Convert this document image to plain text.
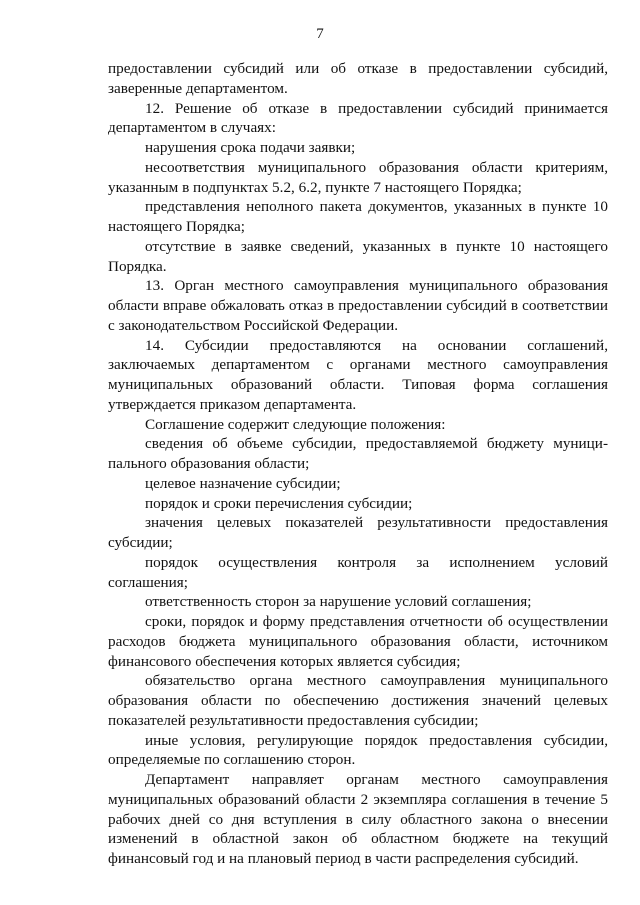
7

предоставлении субсидий или об отказе в предоставлении субсидий, заверенные департаментом.

12. Решение об отказе в предоставлении субсидий принимается департаментом в случаях:

нарушения срока подачи заявки;

несоответствия муниципального образования области критериям, указанным в подпунктах 5.2, 6.2, пункте 7 настоящего Порядка;

представления неполного пакета документов, указанных в пункте 10 настоящего Порядка;

отсутствие в заявке сведений, указанных в пункте 10 настоящего Порядка.

13. Орган местного самоуправления муниципального образования области вправе обжаловать отказ в предоставлении субсидий в соответствии с законодательством Российской Федерации.

14. Субсидии предоставляются на основании соглашений, заключаемых департаментом с органами местного самоуправления муниципальных образований области. Типовая форма соглашения утверждается приказом департамента.

Соглашение содержит следующие положения:

сведения об объеме субсидии, предоставляемой бюджету муниципального образования области;

целевое назначение субсидии;

порядок и сроки перечисления субсидии;

значения целевых показателей результативности предоставления субсидии;

порядок осуществления контроля за исполнением условий соглашения;

ответственность сторон за нарушение условий соглашения;

сроки, порядок и форму представления отчетности об осуществлении расходов бюджета муниципального образования области, источником финансового обеспечения которых является субсидия;

обязательство органа местного самоуправления муниципального образования области по обеспечению достижения значений целевых показателей результативности предоставления субсидии;

иные условия, регулирующие порядок предоставления субсидии, определяемые по соглашению сторон.

Департамент направляет органам местного самоуправления муниципальных образований области 2 экземпляра соглашения в течение 5 рабочих дней со дня вступления в силу областного закона о внесении изменений в областной закон об областном бюджете на текущий финансовый год и на плановый период в части распределения субсидий.
